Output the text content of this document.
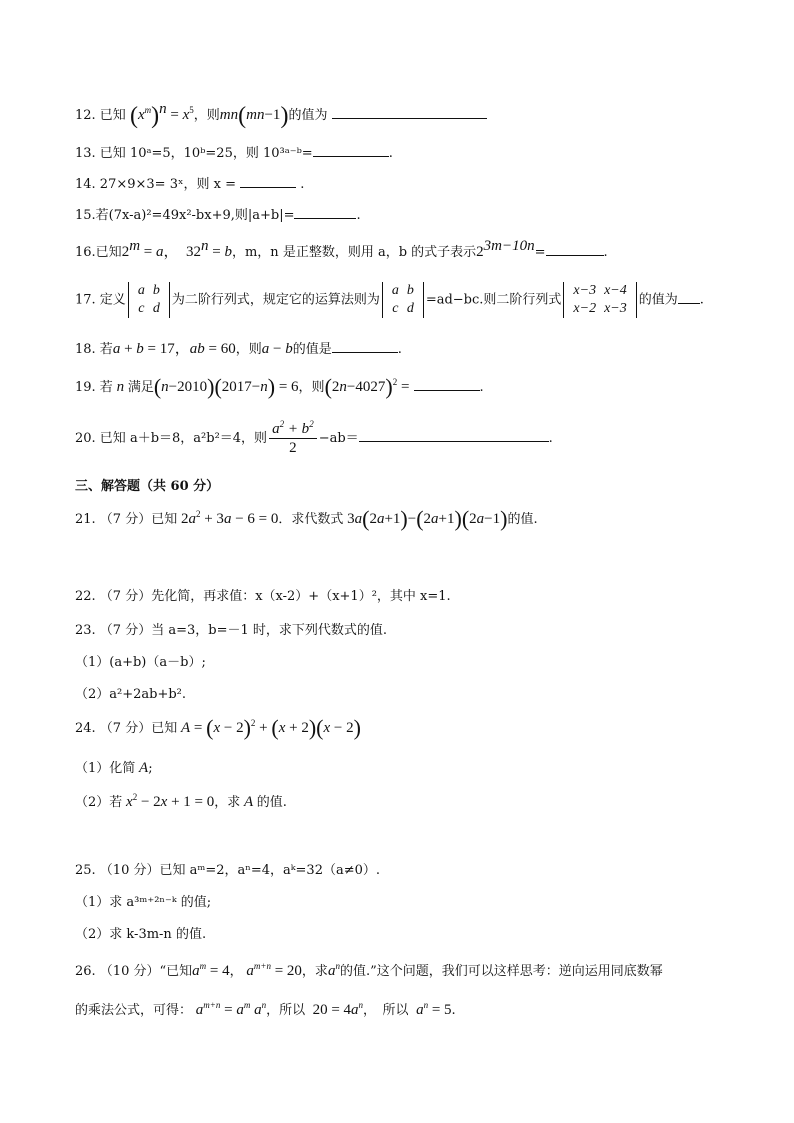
12. 已知 $(x^m)^n = x^5$，则mn(mn−1)的值为
13. 已知 10ᵃ=5，10ᵇ=25，则 10³ᵃ⁻ᵇ=	.
14. 27×9×3= 3ˣ，则 x =	.
15.若(7x-a)²=49x²-bx+9,则|a+b|=	.
16.已知$2^m = a$，  $32^n = b$，m，n 是正整数，则用 a，b 的式子表示$2^{3m-10n}=$	.
17. 定义
a	b
c	d
为二阶行列式，规定它的运算法则为
a	b
c	d
=ad−bc.则二阶行列式
x−3	x−4
x−2	x−3
的值为 .
18. 若a + b = 17，ab = 60，则a − b的值是	.
19. 若 n 满足(n−2010)(2017−n) = 6，则$(2n-4027)^2$ =	.
20. 已知 a＋b＝8，a²b²＝4，则 $\frac{a^2 + b^2}{2} -ab=$	.
三、解答题（共 60 分）
21. （7 分）已知 $2a^2 + 3a - 6 = 0$．求代数式 3a(2a+1)−(2a+1)(2a−1)的值.
22. （7 分）先化简，再求值：x（x-2）+（x+1）²，其中 x=1.
23. （7 分）当 a=3，b=－1 时，求下列代数式的值.
（1）(a+b)（a－b）;
（2）a²+2ab+b².
24. （7 分）已知 $A = (x - 2)^2 + (x + 2)(x - 2)$
（1）化简 A;
（2）若 $x^2 - 2x + 1 = 0$，求 A 的值.
25. （10 分）已知 aᵐ=2，aⁿ=4，aᵏ=32（a≠0）.
（1）求 a³ᵐ⁺²ⁿ⁻ᵏ 的值;
（2）求 k-3m-n 的值.
26. （10 分）“已知$a^m = 4$， $a^{m+n} = 20$，求$a^n$的值.”这个问题，我们可以这样思考：逆向运用同底数幂
的乘法公式，可得： $a^{m+n} = a^m$ $a^n$，所以  $20 = 4a^n$，　所以 $a^n = 5$.
